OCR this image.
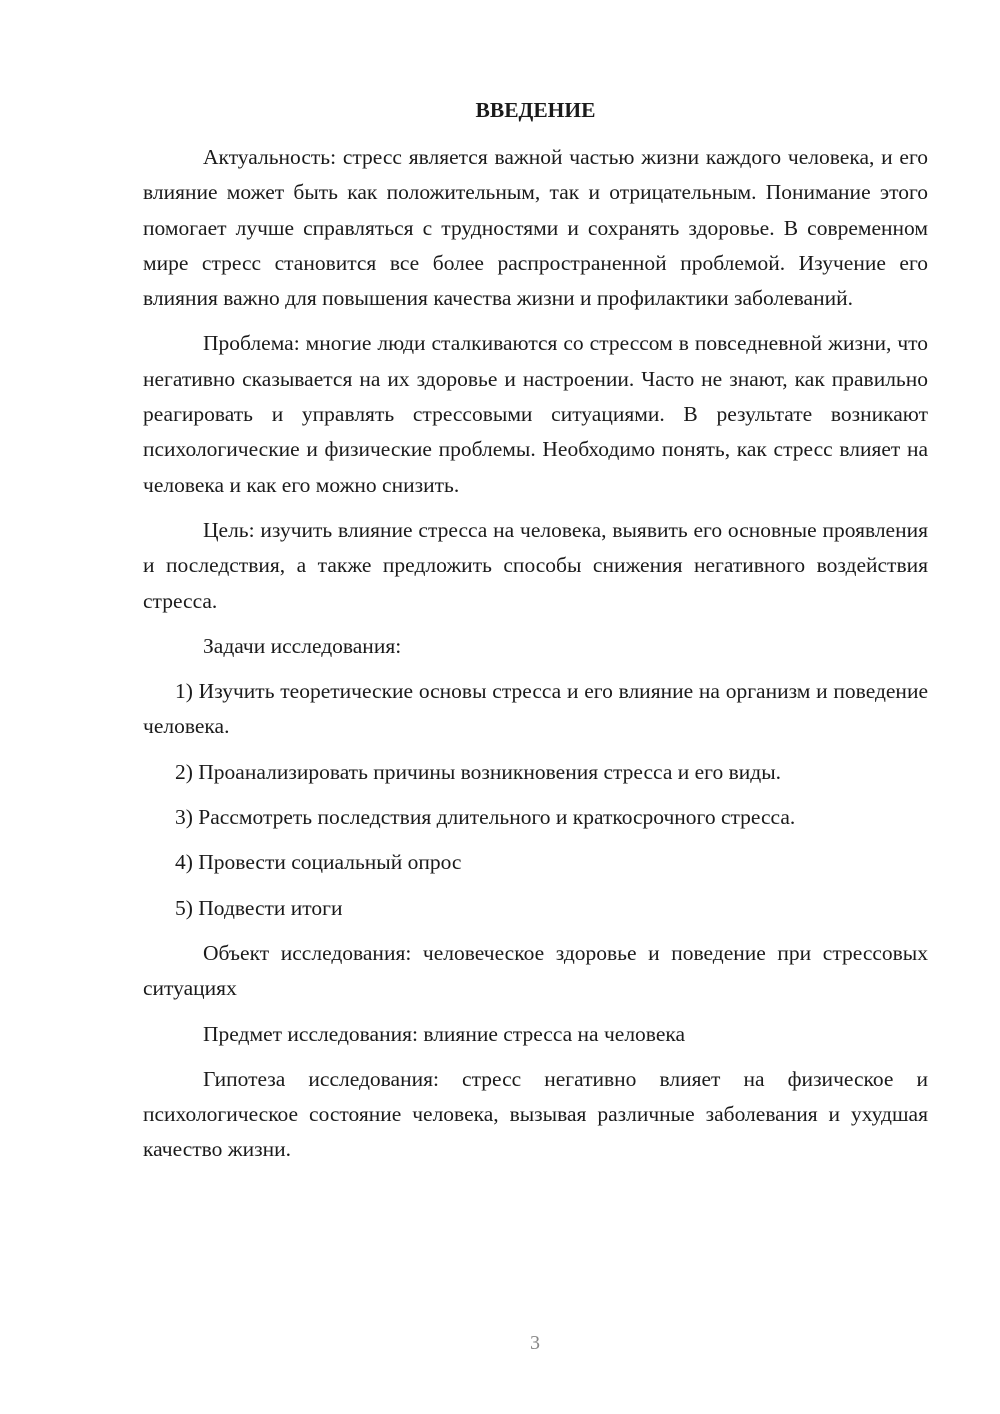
ВВЕДЕНИЕ

Актуальность: стресс является важной частью жизни каждого человека, и его влияние может быть как положительным, так и отрицательным. Понимание этого помогает лучше справляться с трудностями и сохранять здоровье. В современном мире стресс становится все более распространенной проблемой. Изучение его влияния важно для повышения качества жизни и профилактики заболеваний.

Проблема: многие люди сталкиваются со стрессом в повседневной жизни, что негативно сказывается на их здоровье и настроении. Часто не знают, как правильно реагировать и управлять стрессовыми ситуациями. В результате возникают психологические и физические проблемы. Необходимо понять, как стресс влияет на человека и как его можно снизить.

Цель: изучить влияние стресса на человека, выявить его основные проявления и последствия, а также предложить способы снижения негативного воздействия стресса.

Задачи исследования:

1) Изучить теоретические основы стресса и его влияние на организм и поведение человека.

2) Проанализировать причины возникновения стресса и его виды.

3) Рассмотреть последствия длительного и краткосрочного стресса.

4) Провести социальный опрос

5) Подвести итоги

Объект исследования: человеческое здоровье и поведение при стрессовых ситуациях

Предмет исследования: влияние стресса на человека

Гипотеза исследования: стресс негативно влияет на физическое и психологическое состояние человека, вызывая различные заболевания и ухудшая качество жизни.

3
